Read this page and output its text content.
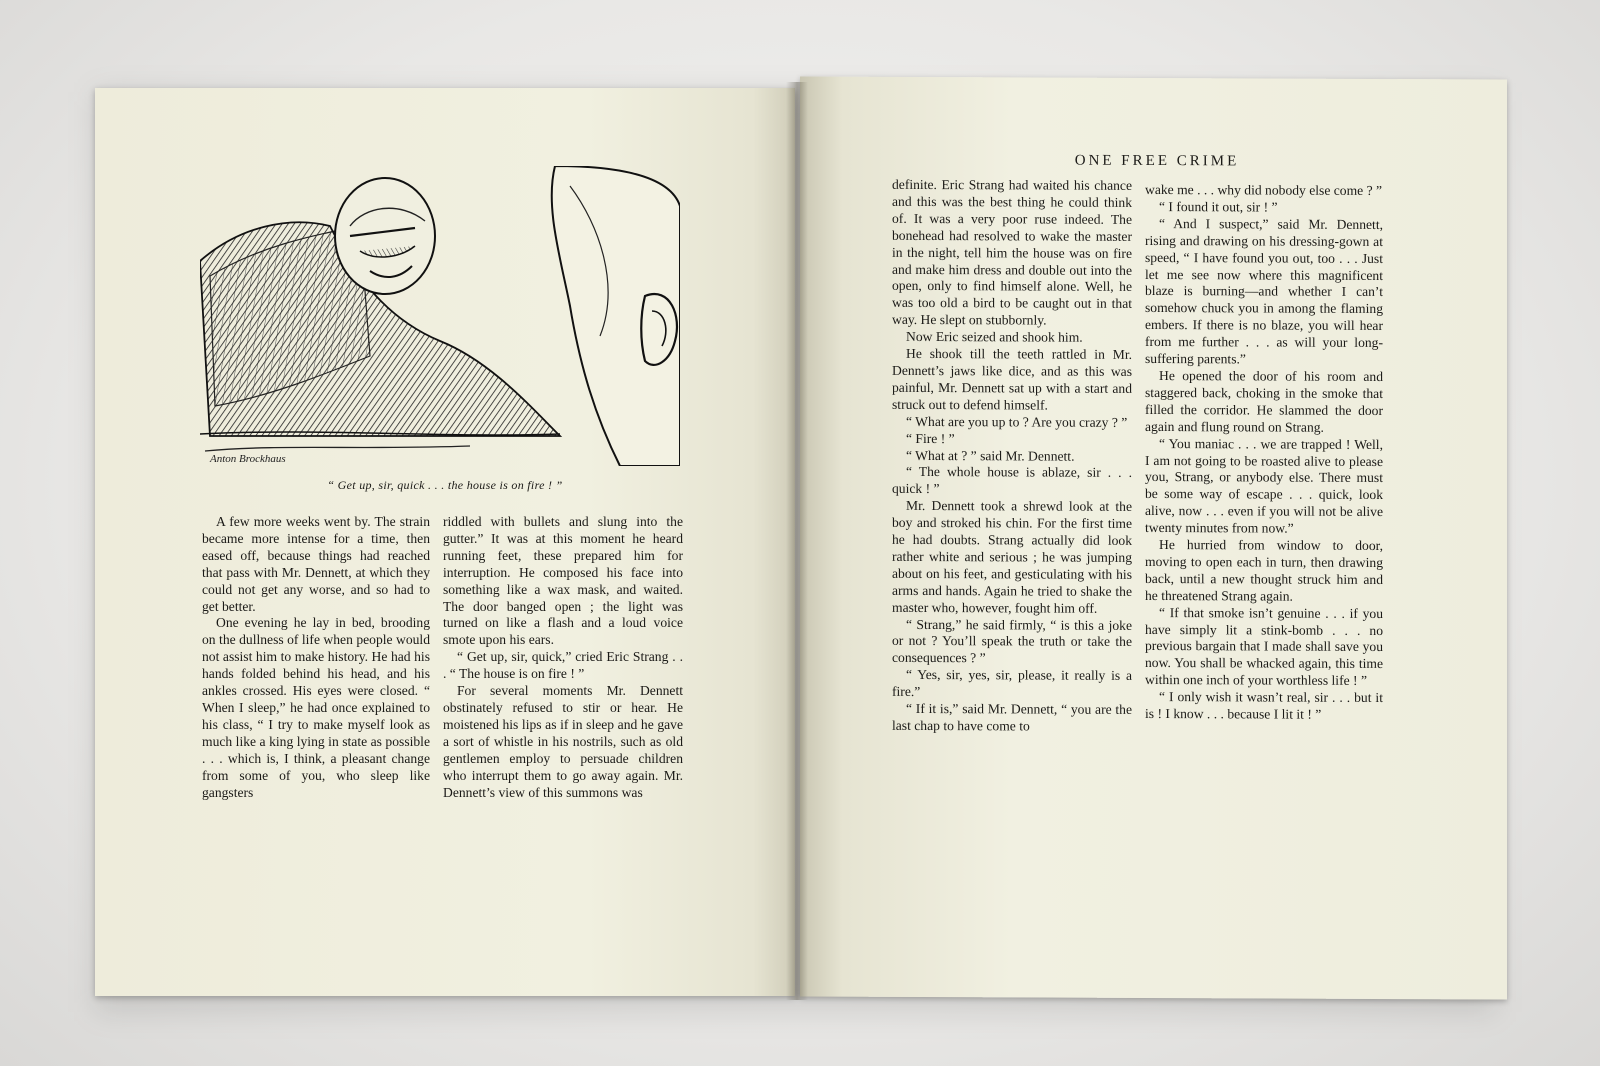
Anton Brockhaus
“ Get up, sir, quick . . . the house is on fire ! ”

A few more weeks went by. The strain became more intense for a time, then eased off, because things had reached that pass with Mr. Dennett, at which they could not get any worse, and so had to get better.

One evening he lay in bed, brooding on the dullness of life when people would not assist him to make history. He had his hands folded behind his head, and his ankles crossed. His eyes were closed. “ When I sleep,” he had once explained to his class, “ I try to make myself look as much like a king lying in state as possible . . . which is, I think, a pleasant change from some of you, who sleep like gangsters

riddled with bullets and slung into the gutter.” It was at this moment he heard running feet, these prepared him for interruption. He composed his face into something like a wax mask, and waited. The door banged open ; the light was turned on like a flash and a loud voice smote upon his ears.

“ Get up, sir, quick,” cried Eric Strang . . . “ The house is on fire ! ”

For several moments Mr. Dennett obstinately refused to stir or hear. He moistened his lips as if in sleep and he gave a sort of whistle in his nostrils, such as old gentlemen employ to persuade children who interrupt them to go away again. Mr. Dennett’s view of this summons was

ONE FREE CRIME

definite. Eric Strang had waited his chance and this was the best thing he could think of. It was a very poor ruse indeed. The bonehead had resolved to wake the master in the night, tell him the house was on fire and make him dress and double out into the open, only to find himself alone. Well, he was too old a bird to be caught out in that way. He slept on stubbornly.

Now Eric seized and shook him.

He shook till the teeth rattled in Mr. Dennett’s jaws like dice, and as this was painful, Mr. Dennett sat up with a start and struck out to defend himself.

“ What are you up to ? Are you crazy ? ”

“ Fire ! ”

“ What at ? ” said Mr. Dennett.

“ The whole house is ablaze, sir . . . quick ! ”

Mr. Dennett took a shrewd look at the boy and stroked his chin. For the first time he had doubts. Strang actually did look rather white and serious ; he was jumping about on his feet, and gesticulating with his arms and hands. Again he tried to shake the master who, however, fought him off.

“ Strang,” he said firmly, “ is this a joke or not ? You’ll speak the truth or take the consequences ? ”

“ Yes, sir, yes, sir, please, it really is a fire.”

“ If it is,” said Mr. Dennett, “ you are the last chap to have come to

wake me . . . why did nobody else come ? ”

“ I found it out, sir ! ”

“ And I suspect,” said Mr. Dennett, rising and drawing on his dressing-gown at speed, “ I have found you out, too . . . Just let me see now where this magnificent blaze is burning—and whether I can’t somehow chuck you in among the flaming embers. If there is no blaze, you will hear from me further . . . as will your long-suffering parents.”

He opened the door of his room and staggered back, choking in the smoke that filled the corridor. He slammed the door again and flung round on Strang.

“ You maniac . . . we are trapped ! Well, I am not going to be roasted alive to please you, Strang, or anybody else. There must be some way of escape . . . quick, look alive, now . . . even if you will not be alive twenty minutes from now.”

He hurried from window to door, moving to open each in turn, then drawing back, until a new thought struck him and he threatened Strang again.

“ If that smoke isn’t genuine . . . if you have simply lit a stink-bomb . . . no previous bargain that I made shall save you now. You shall be whacked again, this time within one inch of your worthless life ! ”

“ I only wish it wasn’t real, sir . . . but it is ! I know . . . because I lit it ! ”
